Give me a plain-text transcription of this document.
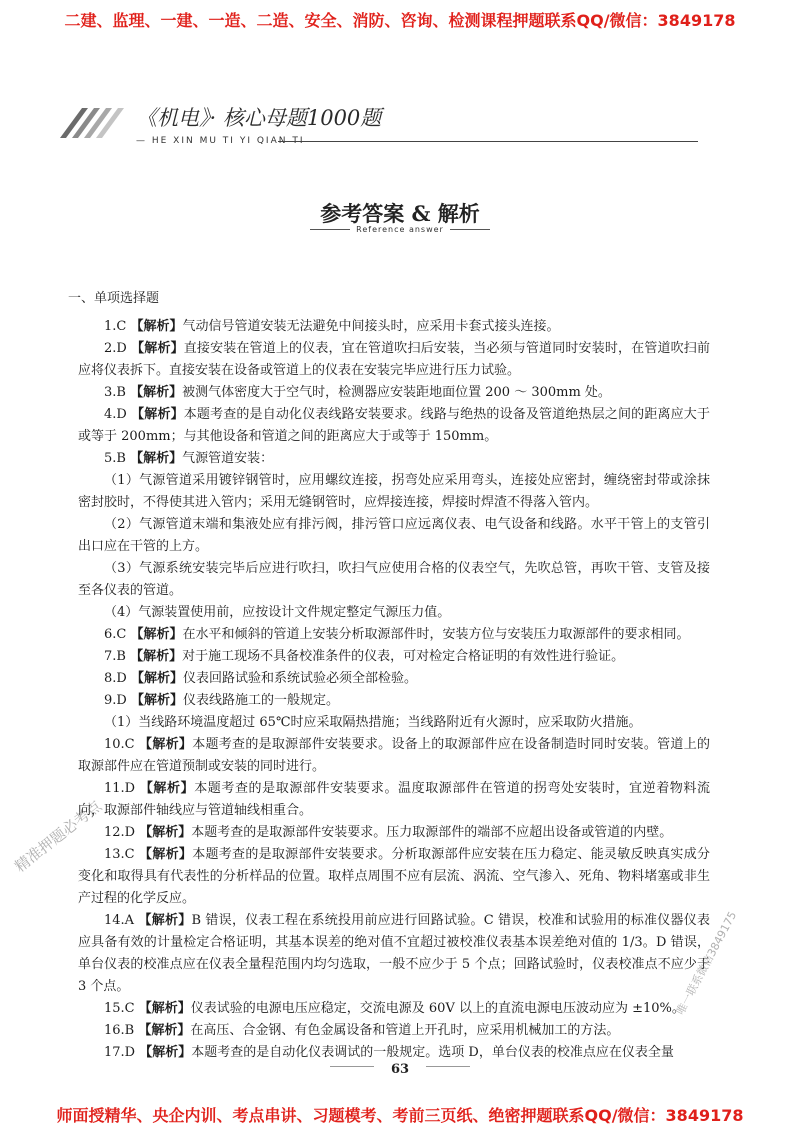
二建、监理、一建、一造、二造、安全、消防、咨询、检测课程押题联系QQ/微信：3849178
《机电》· 核心母题1000题
— HE XIN MU TI YI QIAN TI
参考答案 & 解析
Reference answer
一、单项选择题

1.C 【解析】气动信号管道安装无法避免中间接头时，应采用卡套式接头连接。

2.D 【解析】直接安装在管道上的仪表，宜在管道吹扫后安装，当必须与管道同时安装时，在管道吹扫前应将仪表拆下。直接安装在设备或管道上的仪表在安装完毕应进行压力试验。

3.B 【解析】被测气体密度大于空气时，检测器应安装距地面位置 200 ～ 300mm 处。

4.D 【解析】本题考查的是自动化仪表线路安装要求。线路与绝热的设备及管道绝热层之间的距离应大于或等于 200mm；与其他设备和管道之间的距离应大于或等于 150mm。

5.B 【解析】气源管道安装：

（1）气源管道采用镀锌钢管时，应用螺纹连接，拐弯处应采用弯头，连接处应密封，缠绕密封带或涂抹密封胶时，不得使其进入管内；采用无缝钢管时，应焊接连接，焊接时焊渣不得落入管内。

（2）气源管道末端和集液处应有排污阀，排污管口应远离仪表、电气设备和线路。水平干管上的支管引出口应在干管的上方。

（3）气源系统安装完毕后应进行吹扫，吹扫气应使用合格的仪表空气，先吹总管，再吹干管、支管及接至各仪表的管道。

（4）气源装置使用前，应按设计文件规定整定气源压力值。

6.C 【解析】在水平和倾斜的管道上安装分析取源部件时，安装方位与安装压力取源部件的要求相同。

7.B 【解析】对于施工现场不具备校准条件的仪表，可对检定合格证明的有效性进行验证。

8.D 【解析】仪表回路试验和系统试验必须全部检验。

9.D 【解析】仪表线路施工的一般规定。

（1）当线路环境温度超过 65℃时应采取隔热措施；当线路附近有火源时，应采取防火措施。

10.C 【解析】本题考查的是取源部件安装要求。设备上的取源部件应在设备制造时同时安装。管道上的取源部件应在管道预制或安装的同时进行。

11.D 【解析】本题考查的是取源部件安装要求。温度取源部件在管道的拐弯处安装时，宜逆着物料流向，取源部件轴线应与管道轴线相重合。

12.D 【解析】本题考查的是取源部件安装要求。压力取源部件的端部不应超出设备或管道的内壁。

13.C 【解析】本题考查的是取源部件安装要求。分析取源部件应安装在压力稳定、能灵敏反映真实成分变化和取得具有代表性的分析样品的位置。取样点周围不应有层流、涡流、空气渗入、死角、物料堵塞或非生产过程的化学反应。

14.A 【解析】B 错误，仪表工程在系统投用前应进行回路试验。C 错误，校准和试验用的标准仪器仪表应具备有效的计量检定合格证明，其基本误差的绝对值不宜超过被校准仪表基本误差绝对值的 1/3。D 错误，单台仪表的校准点应在仪表全量程范围内均匀选取，一般不应少于 5 个点；回路试验时，仪表校准点不应少于 3 个点。

15.C 【解析】仪表试验的电源电压应稳定，交流电源及 60V 以上的直流电源电压波动应为 ±10%。

16.B 【解析】在高压、合金钢、有色金属设备和管道上开孔时，应采用机械加工的方法。

17.D 【解析】本题考查的是自动化仪表调试的一般规定。选项 D，单台仪表的校准点应在仪表全量

63
精准押题必考点
唯一联系微信3849175
师面授精华、央企内训、考点串讲、习题模考、考前三页纸、绝密押题联系QQ/微信：3849178
